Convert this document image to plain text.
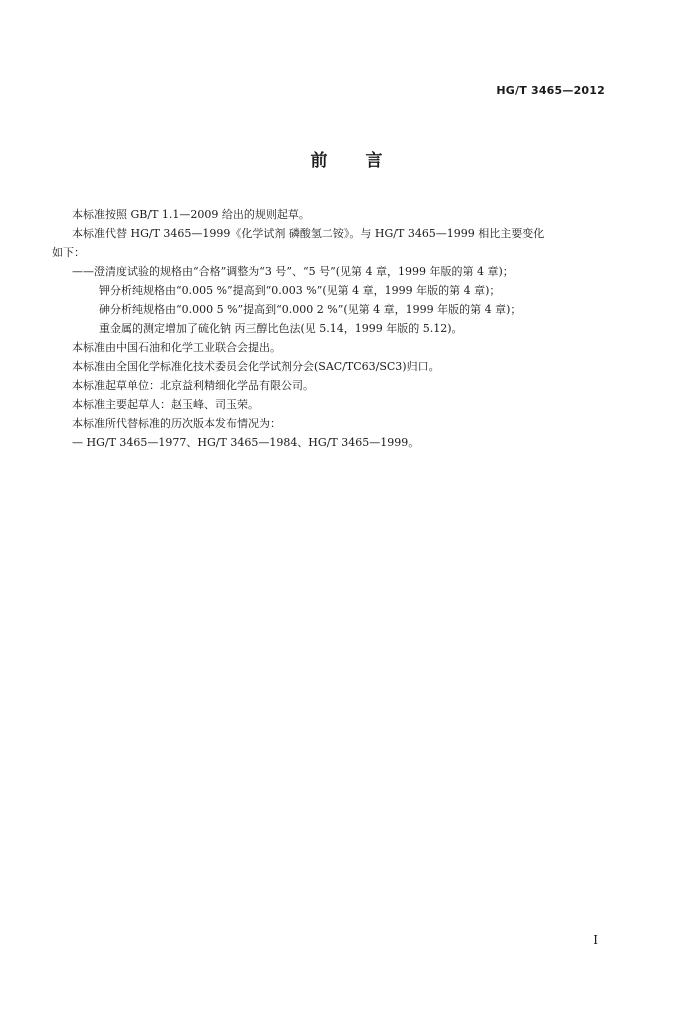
HG/T 3465—2012
前 言
本标准按照 GB/T 1.1—2009 给出的规则起草。
本标准代替 HG/T 3465—1999《化学试剂 磷酸氢二铵》。与 HG/T 3465—1999 相比主要变化
如下：
——澄清度试验的规格由“合格”调整为“3 号”、“5 号”(见第 4 章，1999 年版的第 4 章)；
钾分析纯规格由“0.005 %”提高到“0.003 %”(见第 4 章，1999 年版的第 4 章)；
砷分析纯规格由“0.000 5 %”提高到“0.000 2 %”(见第 4 章，1999 年版的第 4 章)；
重金属的测定增加了硫化钠 丙三醇比色法(见 5.14，1999 年版的 5.12)。
本标准由中国石油和化学工业联合会提出。
本标准由全国化学标准化技术委员会化学试剂分会(SAC/TC63/SC3)归口。
本标准起草单位：北京益利精细化学品有限公司。
本标准主要起草人：赵玉峰、司玉荣。
本标准所代替标准的历次版本发布情况为：
— HG/T 3465—1977、HG/T 3465—1984、HG/T 3465—1999。
I
